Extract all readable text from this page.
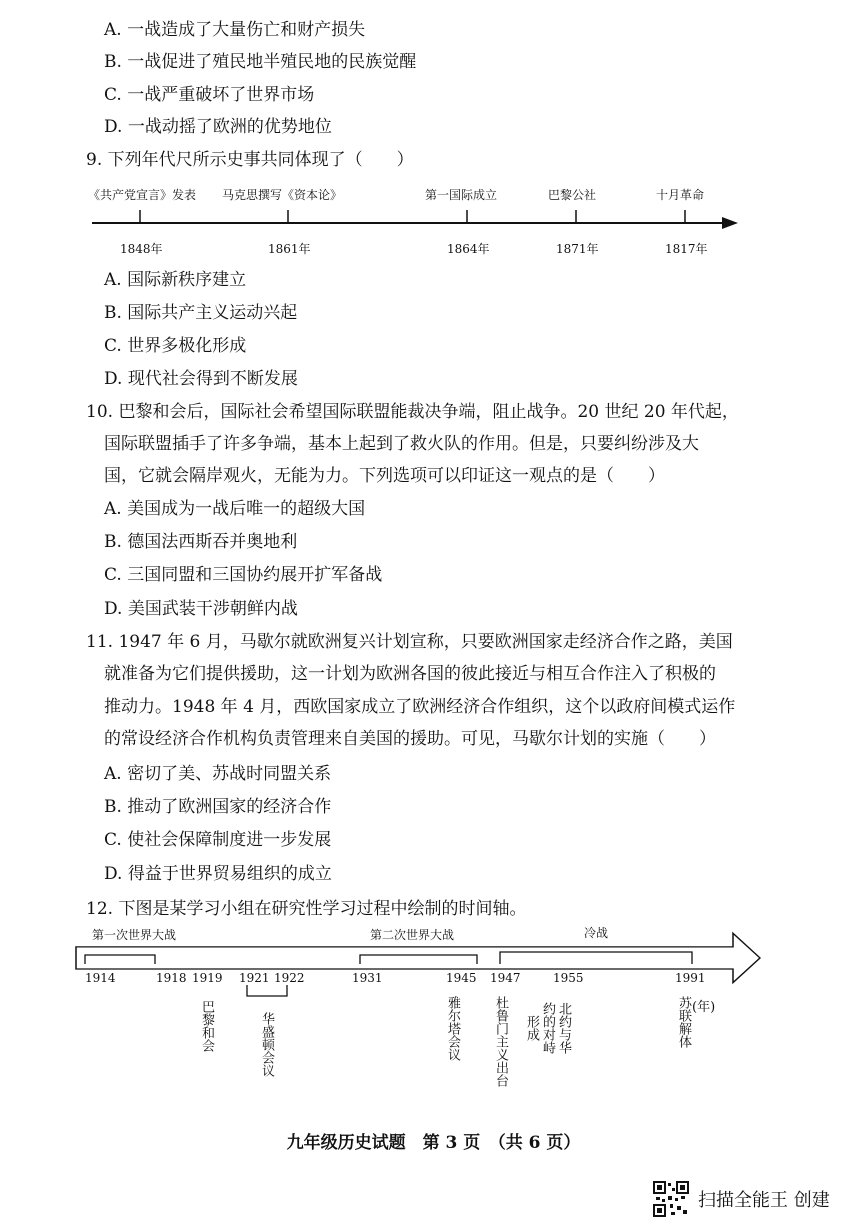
A. 一战造成了大量伤亡和财产损失
B. 一战促进了殖民地半殖民地的民族觉醒
C. 一战严重破坏了世界市场
D. 一战动摇了欧洲的优势地位
9. 下列年代尺所示史事共同体现了（　　）
《共产党宣言》发表 马克思撰写《资本论》	第一国际成立	巴黎公社	十月革命
1848年	1861年	1864年	1871年	1817年
A. 国际新秩序建立
B. 国际共产主义运动兴起
C. 世界多极化形成
D. 现代社会得到不断发展
10. 巴黎和会后，国际社会希望国际联盟能裁决争端，阻止战争。20 世纪 20 年代起，
国际联盟插手了许多争端，基本上起到了救火队的作用。但是，只要纠纷涉及大
国，它就会隔岸观火，无能为力。下列选项可以印证这一观点的是（　　）
A. 美国成为一战后唯一的超级大国
B. 德国法西斯吞并奥地利
C. 三国同盟和三国协约展开扩军备战
D. 美国武装干涉朝鲜内战
11. 1947 年 6 月，马歇尔就欧洲复兴计划宣称，只要欧洲国家走经济合作之路，美国
就准备为它们提供援助，这一计划为欧洲各国的彼此接近与相互合作注入了积极的
推动力。1948 年 4 月，西欧国家成立了欧洲经济合作组织，这个以政府间模式运作
的常设经济合作机构负责管理来自美国的援助。可见，马歇尔计划的实施（　　）
A. 密切了美、苏战时同盟关系
B. 推动了欧洲国家的经济合作
C. 使社会保障制度进一步发展
D. 得益于世界贸易组织的成立
12. 下图是某学习小组在研究性学习过程中绘制的时间轴。
第一次世界大战	第二次世界大战	冷战
1914	1918 1919 1921 1922	1931	1945 1947	1955	1991
巴黎和会	华盛顿会议	雅尔塔会议	杜鲁门主义出台	北约与华约的对峙形成	苏联解体 (年)
九年级历史试题　第 3 页　（共 6 页）
扫描全能王 创建
